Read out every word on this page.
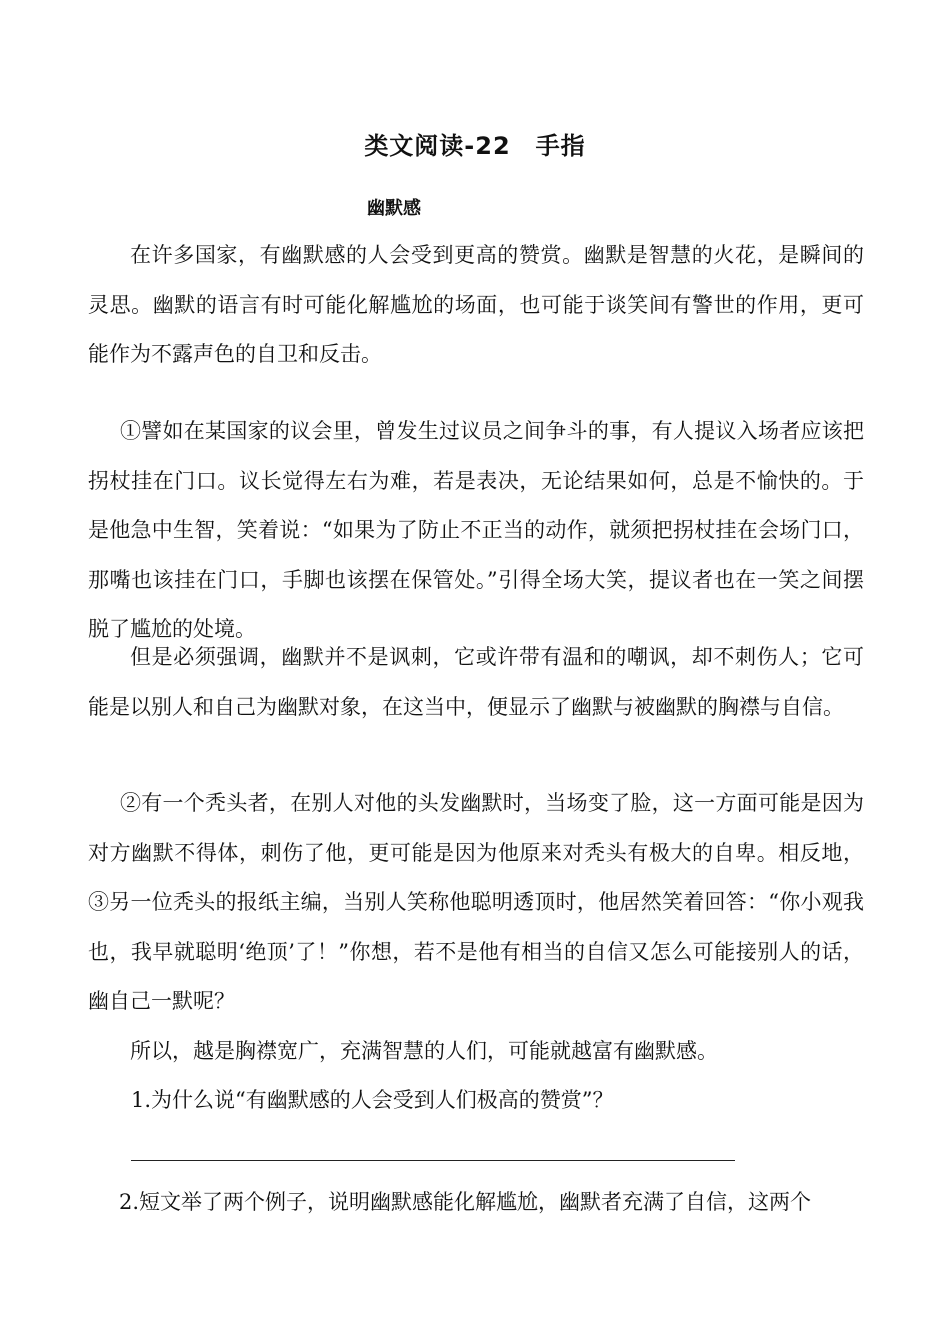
类文阅读-22　手指
幽默感

在许多国家，有幽默感的人会受到更高的赞赏。幽默是智慧的火花，是瞬间的灵思。幽默的语言有时可能化解尴尬的场面，也可能于谈笑间有警世的作用，更可能作为不露声色的自卫和反击。

①譬如在某国家的议会里，曾发生过议员之间争斗的事，有人提议入场者应该把拐杖挂在门口。议长觉得左右为难，若是表决，无论结果如何，总是不愉快的。于是他急中生智，笑着说：“如果为了防止不正当的动作，就须把拐杖挂在会场门口，那嘴也该挂在门口，手脚也该摆在保管处。”引得全场大笑，提议者也在一笑之间摆脱了尴尬的处境。

但是必须强调，幽默并不是讽刺，它或许带有温和的嘲讽，却不刺伤人；它可能是以别人和自己为幽默对象，在这当中，便显示了幽默与被幽默的胸襟与自信。

②有一个秃头者，在别人对他的头发幽默时，当场变了脸，这一方面可能是因为对方幽默不得体，刺伤了他，更可能是因为他原来对秃头有极大的自卑。相反地，③另一位秃头的报纸主编，当别人笑称他聪明透顶时，他居然笑着回答：“你小观我也，我早就聪明‘绝顶’了！”你想，若不是他有相当的自信又怎么可能接别人的话，幽自己一默呢？

所以，越是胸襟宽广，充满智慧的人们，可能就越富有幽默感。

1.为什么说“有幽默感的人会受到人们极高的赞赏”？

2.短文举了两个例子，说明幽默感能化解尴尬，幽默者充满了自信，这两个
